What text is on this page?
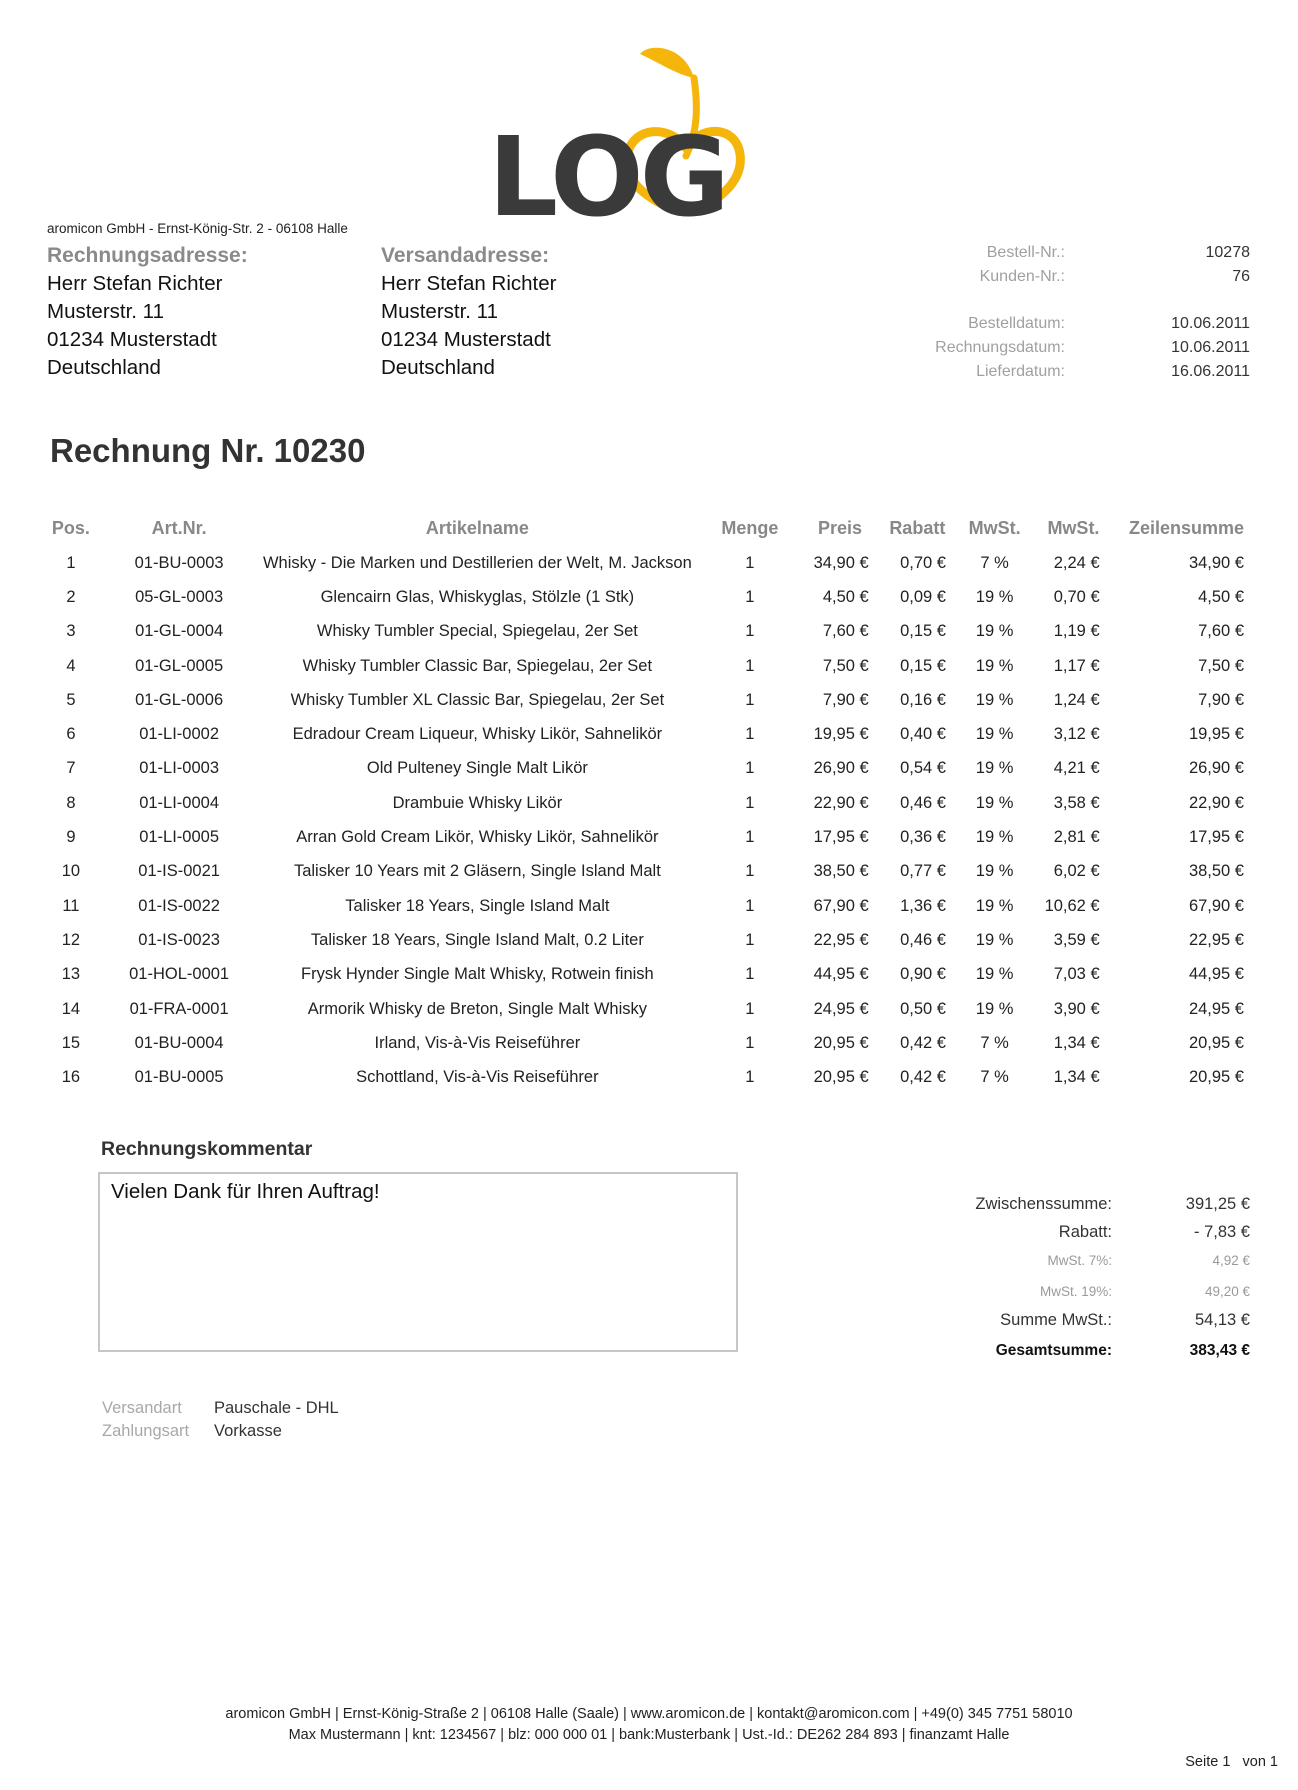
LOG
aromicon GmbH - Ernst-König-Str. 2 - 06108 Halle
Rechnungsadresse:
Herr Stefan Richter
Musterstr. 11
01234 Musterstadt
Deutschland
Versandadresse:
Herr Stefan Richter
Musterstr. 11
01234 Musterstadt
Deutschland
Bestell-Nr.:	10278
Kunden-Nr.:	76
Bestelldatum:	10.06.2011
Rechnungsdatum:	10.06.2011
Lieferdatum:	16.06.2011
Rechnung Nr. 10230
Pos.	Art.Nr.	Artikelname	Menge	Preis	Rabatt	MwSt.	MwSt.	Zeilensumme
1	01-BU-0003	Whisky - Die Marken und Destillerien der Welt, M. Jackson	1	34,90 €	0,70 €	7 %	2,24 €	34,90 €
2	05-GL-0003	Glencairn Glas, Whiskyglas, Stölzle (1 Stk)	1	4,50 €	0,09 €	19 %	0,70 €	4,50 €
3	01-GL-0004	Whisky Tumbler Special, Spiegelau, 2er Set	1	7,60 €	0,15 €	19 %	1,19 €	7,60 €
4	01-GL-0005	Whisky Tumbler Classic Bar, Spiegelau, 2er Set	1	7,50 €	0,15 €	19 %	1,17 €	7,50 €
5	01-GL-0006	Whisky Tumbler XL Classic Bar, Spiegelau, 2er Set	1	7,90 €	0,16 €	19 %	1,24 €	7,90 €
6	01-LI-0002	Edradour Cream Liqueur, Whisky Likör, Sahnelikör	1	19,95 €	0,40 €	19 %	3,12 €	19,95 €
7	01-LI-0003	Old Pulteney Single Malt Likör	1	26,90 €	0,54 €	19 %	4,21 €	26,90 €
8	01-LI-0004	Drambuie Whisky Likör	1	22,90 €	0,46 €	19 %	3,58 €	22,90 €
9	01-LI-0005	Arran Gold Cream Likör, Whisky Likör, Sahnelikör	1	17,95 €	0,36 €	19 %	2,81 €	17,95 €
10	01-IS-0021	Talisker 10 Years mit 2 Gläsern, Single Island Malt	1	38,50 €	0,77 €	19 %	6,02 €	38,50 €
11	01-IS-0022	Talisker 18 Years, Single Island Malt	1	67,90 €	1,36 €	19 %	10,62 €	67,90 €
12	01-IS-0023	Talisker 18 Years, Single Island Malt, 0.2 Liter	1	22,95 €	0,46 €	19 %	3,59 €	22,95 €
13	01-HOL-0001	Frysk Hynder Single Malt Whisky, Rotwein finish	1	44,95 €	0,90 €	19 %	7,03 €	44,95 €
14	01-FRA-0001	Armorik Whisky de Breton, Single Malt Whisky	1	24,95 €	0,50 €	19 %	3,90 €	24,95 €
15	01-BU-0004	Irland, Vis-à-Vis Reiseführer	1	20,95 €	0,42 €	7 %	1,34 €	20,95 €
16	01-BU-0005	Schottland, Vis-à-Vis Reiseführer	1	20,95 €	0,42 €	7 %	1,34 €	20,95 €
Rechnungskommentar
Vielen Dank für Ihren Auftrag!
Zwischenssumme:	391,25 €
Rabatt:	- 7,83 €
MwSt. 7%:	4,92 €
MwSt. 19%:	49,20 €
Summe MwSt.:	54,13 €
Gesamtsumme:	383,43 €
Versandart Pauschale - DHL
Zahlungsart Vorkasse
aromicon GmbH | Ernst-König-Straße 2 | 06108 Halle (Saale) | www.aromicon.de | kontakt@aromicon.com | +49(0) 345 7751 58010
Max Mustermann | knt: 1234567 | blz: 000 000 01 | bank:Musterbank | Ust.-Id.: DE262 284 893 | finanzamt Halle
Seite 1 von 1
